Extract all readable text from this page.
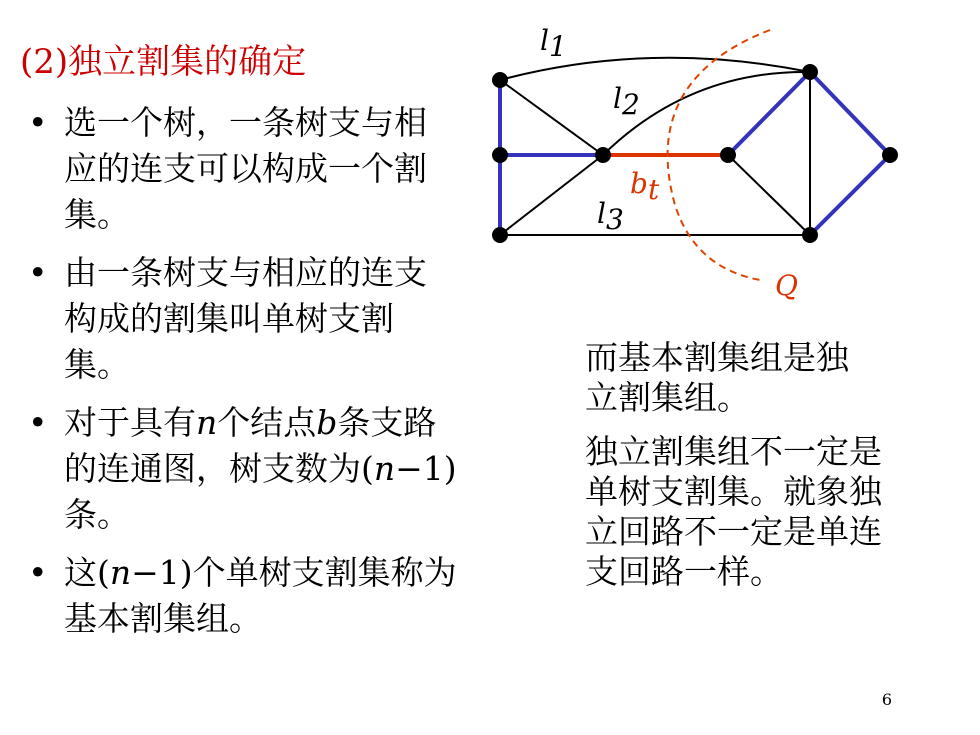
(2)独立割集的确定
• 选一个树，一条树支与相应的连支可以构成一个割集。
• 由一条树支与相应的连支构成的割集叫单树支割集。
• 对于具有n个结点b条支路的连通图，树支数为(n−1)条。
• 这(n−1)个单树支割集称为基本割集组。
l1
l2
l3
bt
Q
而基本割集组是独立割集组。
独立割集组不一定是单树支割集。就象独立回路不一定是单连支回路一样。
6
